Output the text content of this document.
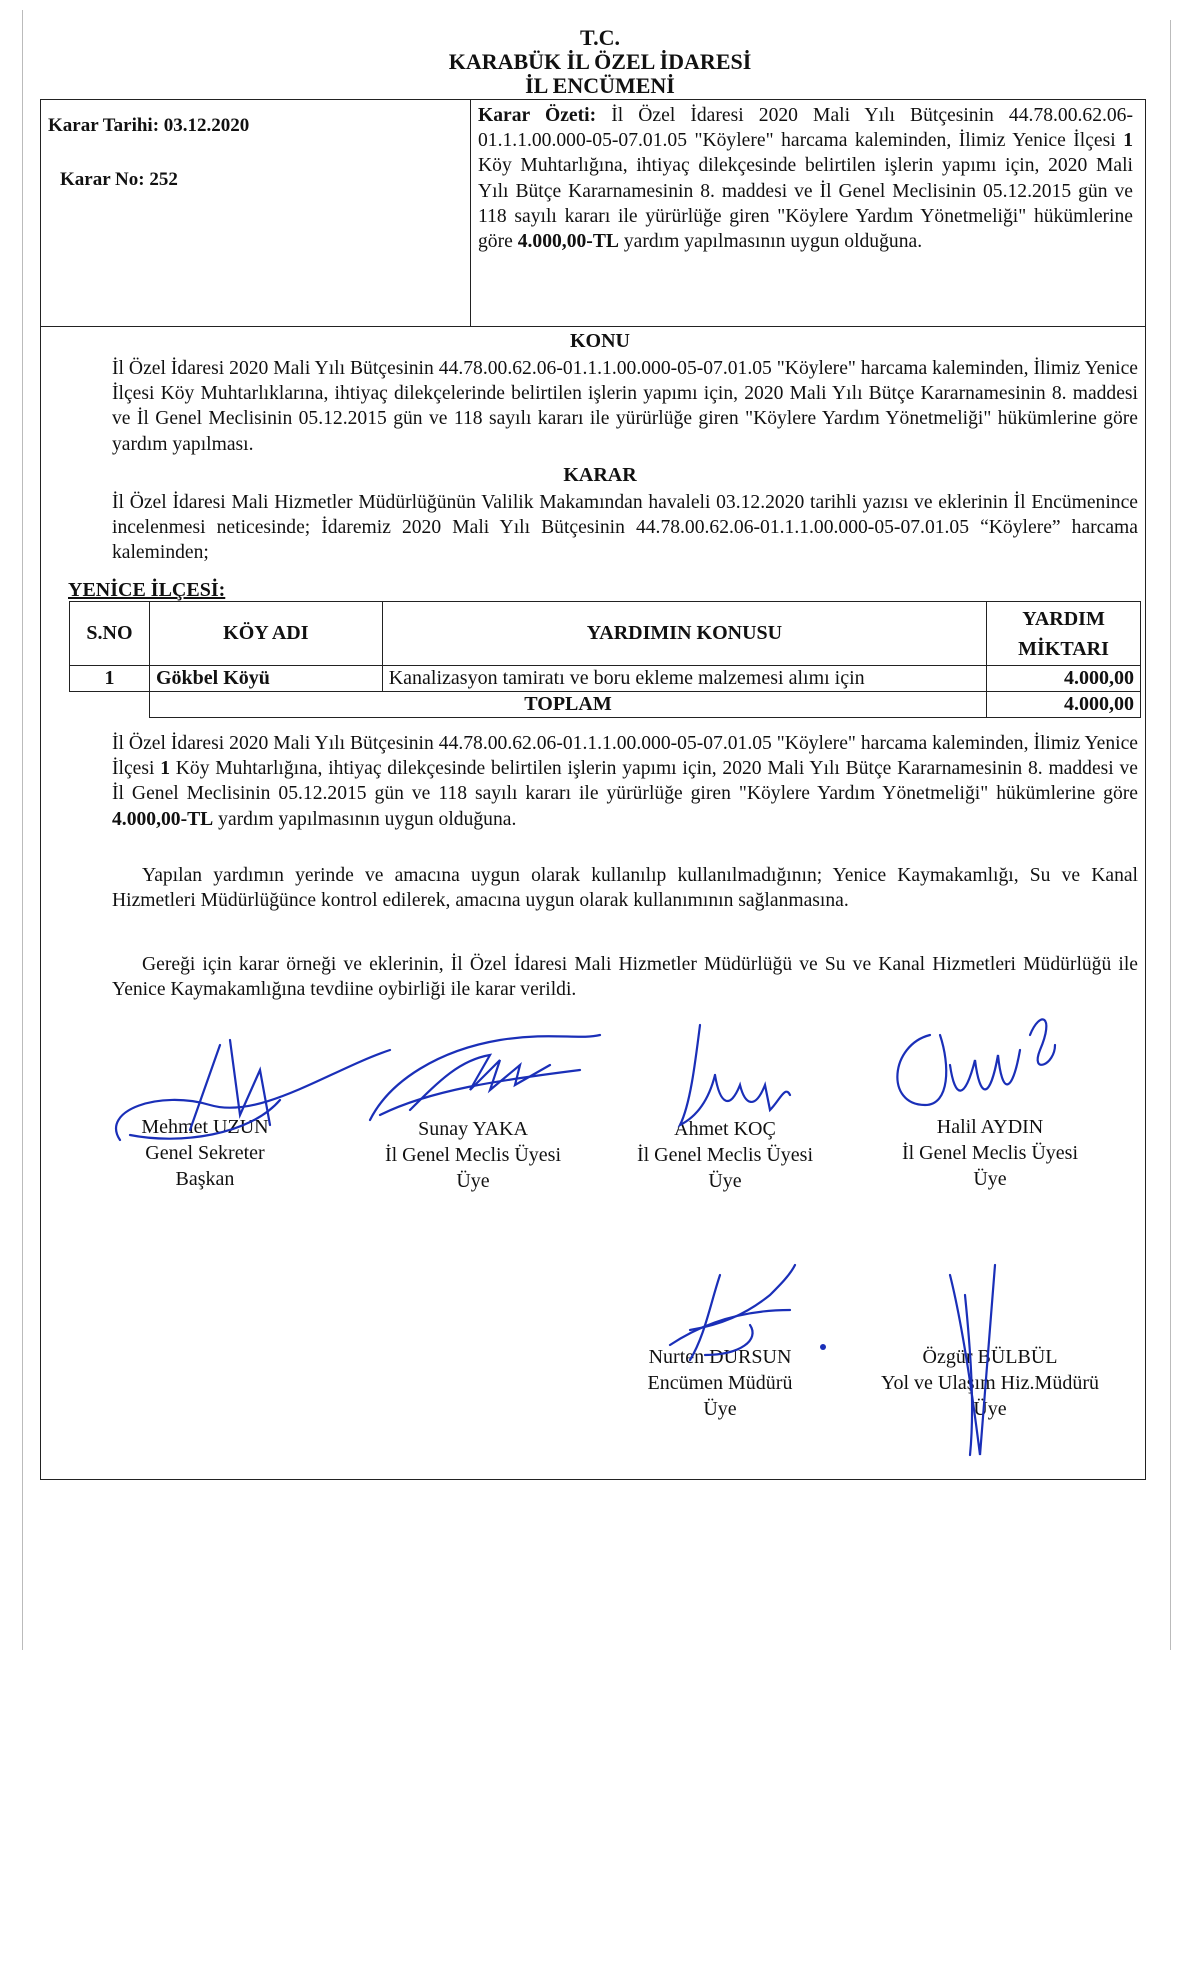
T.C.
KARABÜK İL ÖZEL İDARESİ
İL ENCÜMENİ
Karar Tarihi: 03.12.2020
Karar No: 252
Karar Özeti: İl Özel İdaresi 2020 Mali Yılı Bütçesinin 44.78.00.62.06-01.1.1.00.000-05-07.01.05 "Köylere" harcama kaleminden, İlimiz Yenice İlçesi 1 Köy Muhtarlığına, ihtiyaç dilekçesinde belirtilen işlerin yapımı için, 2020 Mali Yılı Bütçe Kararnamesinin 8. maddesi ve İl Genel Meclisinin 05.12.2015 gün ve 118 sayılı kararı ile yürürlüğe giren "Köylere Yardım Yönetmeliği" hükümlerine göre 4.000,00-TL yardım yapılmasının uygun olduğuna.
KONU
İl Özel İdaresi 2020 Mali Yılı Bütçesinin 44.78.00.62.06-01.1.1.00.000-05-07.01.05 "Köylere" harcama kaleminden, İlimiz Yenice İlçesi Köy Muhtarlıklarına, ihtiyaç dilekçelerinde belirtilen işlerin yapımı için, 2020 Mali Yılı Bütçe Kararnamesinin 8. maddesi ve İl Genel Meclisinin 05.12.2015 gün ve 118 sayılı kararı ile yürürlüğe giren "Köylere Yardım Yönetmeliği" hükümlerine göre yardım yapılması.
KARAR
İl Özel İdaresi Mali Hizmetler Müdürlüğünün Valilik Makamından havaleli 03.12.2020 tarihli yazısı ve eklerinin İl Encümenince incelenmesi neticesinde; İdaremiz 2020 Mali Yılı Bütçesinin 44.78.00.62.06-01.1.1.00.000-05-07.01.05 “Köylere” harcama kaleminden;
YENİCE İLÇESİ:
S.NO	KÖY ADI	YARDIMIN KONUSU	YARDIM
MİKTARI

1	Gökbel Köyü	Kanalizasyon tamiratı ve boru ekleme malzemesi alımı için	4.000,00
	TOPLAM		4.000,00
İl Özel İdaresi 2020 Mali Yılı Bütçesinin 44.78.00.62.06-01.1.1.00.000-05-07.01.05 "Köylere" harcama kaleminden, İlimiz Yenice İlçesi 1 Köy Muhtarlığına, ihtiyaç dilekçesinde belirtilen işlerin yapımı için, 2020 Mali Yılı Bütçe Kararnamesinin 8. maddesi ve İl Genel Meclisinin 05.12.2015 gün ve 118 sayılı kararı ile yürürlüğe giren "Köylere Yardım Yönetmeliği" hükümlerine göre 4.000,00-TL yardım yapılmasının uygun olduğuna.
Yapılan yardımın yerinde ve amacına uygun olarak kullanılıp kullanılmadığının; Yenice Kaymakamlığı, Su ve Kanal Hizmetleri Müdürlüğünce kontrol edilerek, amacına uygun olarak kullanımının sağlanmasına.
Gereği için karar örneği ve eklerinin, İl Özel İdaresi Mali Hizmetler Müdürlüğü ve Su ve Kanal Hizmetleri Müdürlüğü ile Yenice Kaymakamlığına tevdiine oybirliği ile karar verildi.
Mehmet UZUN
Genel Sekreter
Başkan
Sunay YAKA
İl Genel Meclis Üyesi
Üye
Ahmet KOÇ
İl Genel Meclis Üyesi
Üye
Halil AYDIN
İl Genel Meclis Üyesi
Üye
Nurten DURSUN
Encümen Müdürü
Üye
Özgür BÜLBÜL
Yol ve Ulaşım Hiz.Müdürü
Üye
